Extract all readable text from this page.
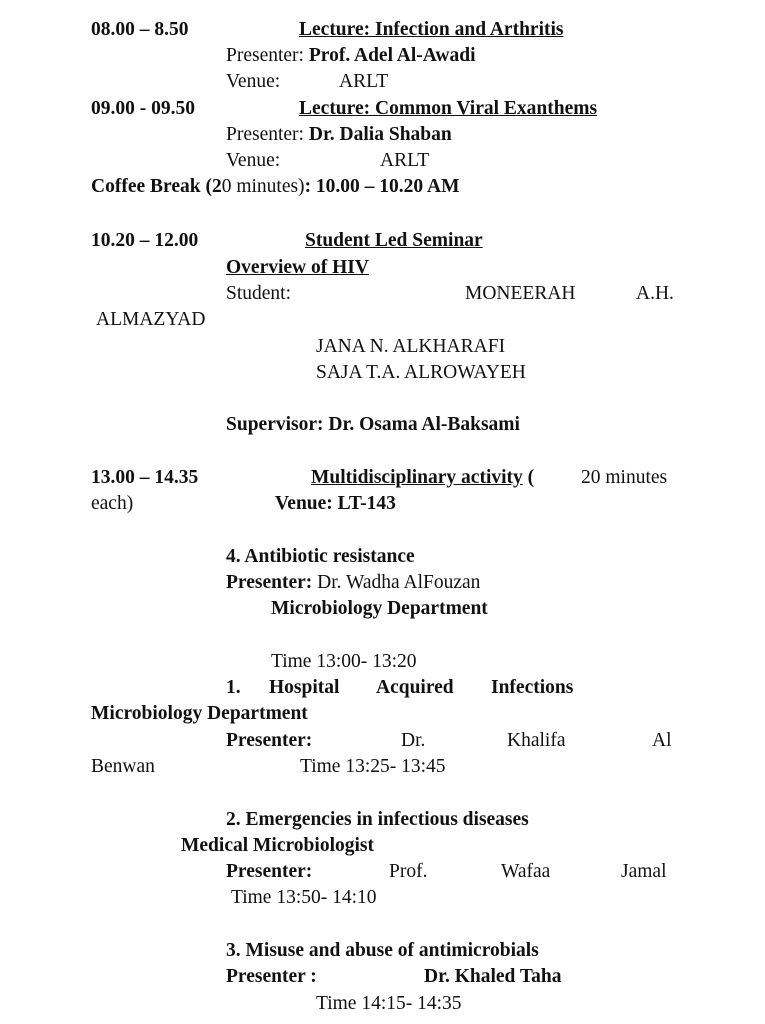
08.00 – 8.50	Lecture: Infection and Arthritis
Presenter: Prof. Adel Al-Awadi
Venue:	ARLT
09.00 - 09.50	Lecture: Common Viral Exanthems
Presenter: Dr. Dalia Shaban
Venue:	ARLT
Coffee Break (20 minutes): 10.00 – 10.20 AM
10.20 – 12.00	Student Led Seminar
Overview of HIV
Student:	MONEERAH	A.H.
ALMAZYAD
JANA N. ALKHARAFI
SAJA T.A. ALROWAYEH
Supervisor: Dr. Osama Al-Baksami
13.00 – 14.35	Multidisciplinary activity ( 20 minutes
each)	Venue: LT-143
4. Antibiotic resistance
Presenter: Dr. Wadha AlFouzan
Microbiology Department
Time 13:00- 13:20
1. Hospital Acquired Infections
Microbiology Department
Presenter:	Dr.	Khalifa	Al
Benwan	Time 13:25- 13:45
2. Emergencies in infectious diseases
Medical Microbiologist
Presenter:	Prof.	Wafaa	Jamal
Time 13:50- 14:10
3. Misuse and abuse of antimicrobials
Presenter :	Dr. Khaled Taha
Time 14:15- 14:35
